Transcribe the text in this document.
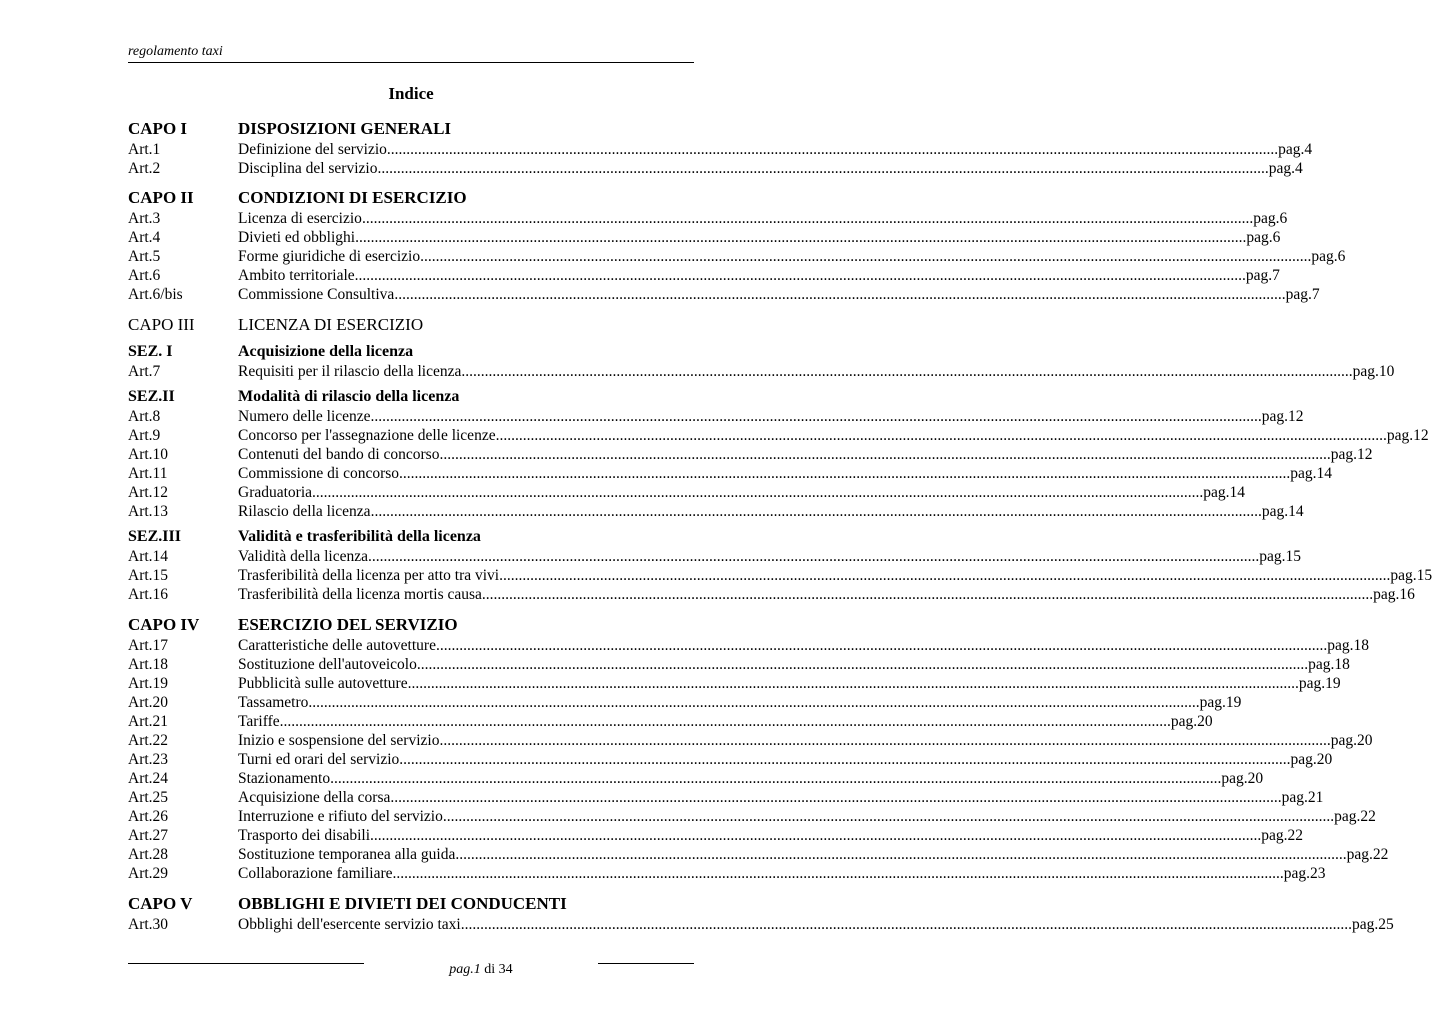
regolamento taxi
Indice
CAPO I	DISPOSIZIONI GENERALI
Art.1	Definizione del servizio ...................................................................................................................................................................................................................................... pag.4
Art.2	Disciplina del servizio ...................................................................................................................................................................................................................................... pag.4
CAPO II	CONDIZIONI DI ESERCIZIO
Art.3	Licenza di esercizio ...................................................................................................................................................................................................................................... pag.6
Art.4	Divieti ed obblighi ...................................................................................................................................................................................................................................... pag.6
Art.5	Forme giuridiche di esercizio ...................................................................................................................................................................................................................................... pag.6
Art.6	Ambito territoriale ...................................................................................................................................................................................................................................... pag.7
Art.6/bis	Commissione Consultiva ...................................................................................................................................................................................................................................... pag.7
CAPO III	LICENZA DI ESERCIZIO
SEZ. I	Acquisizione della licenza
Art.7	Requisiti per il rilascio della licenza ...................................................................................................................................................................................................................................... pag.10
SEZ.II	Modalità di rilascio della licenza
Art.8	Numero delle licenze ...................................................................................................................................................................................................................................... pag.12
Art.9	Concorso per l'assegnazione delle licenze ...................................................................................................................................................................................................................................... pag.12
Art.10	Contenuti del bando di concorso ...................................................................................................................................................................................................................................... pag.12
Art.11	Commissione di concorso ...................................................................................................................................................................................................................................... pag.14
Art.12	Graduatoria ...................................................................................................................................................................................................................................... pag.14
Art.13	Rilascio della licenza ...................................................................................................................................................................................................................................... pag.14
SEZ.III	Validità e trasferibilità della licenza
Art.14	Validità della licenza ...................................................................................................................................................................................................................................... pag.15
Art.15	Trasferibilità della licenza per atto tra vivi ...................................................................................................................................................................................................................................... pag.15
Art.16	Trasferibilità della licenza mortis causa ...................................................................................................................................................................................................................................... pag.16
CAPO IV	ESERCIZIO DEL SERVIZIO
Art.17	Caratteristiche delle autovetture ...................................................................................................................................................................................................................................... pag.18
Art.18	Sostituzione dell'autoveicolo ...................................................................................................................................................................................................................................... pag.18
Art.19	Pubblicità sulle autovetture ...................................................................................................................................................................................................................................... pag.19
Art.20	Tassametro ...................................................................................................................................................................................................................................... pag.19
Art.21	Tariffe ...................................................................................................................................................................................................................................... pag.20
Art.22	Inizio e sospensione del servizio ...................................................................................................................................................................................................................................... pag.20
Art.23	Turni ed orari del servizio ...................................................................................................................................................................................................................................... pag.20
Art.24	Stazionamento ...................................................................................................................................................................................................................................... pag.20
Art.25	Acquisizione della corsa ...................................................................................................................................................................................................................................... pag.21
Art.26	Interruzione e rifiuto del servizio ...................................................................................................................................................................................................................................... pag.22
Art.27	Trasporto dei disabili ...................................................................................................................................................................................................................................... pag.22
Art.28	Sostituzione temporanea alla guida ...................................................................................................................................................................................................................................... pag.22
Art.29	Collaborazione familiare ...................................................................................................................................................................................................................................... pag.23
CAPO V	OBBLIGHI E DIVIETI DEI CONDUCENTI
Art.30	Obblighi dell'esercente servizio taxi ...................................................................................................................................................................................................................................... pag.25
pag.1 di 34
